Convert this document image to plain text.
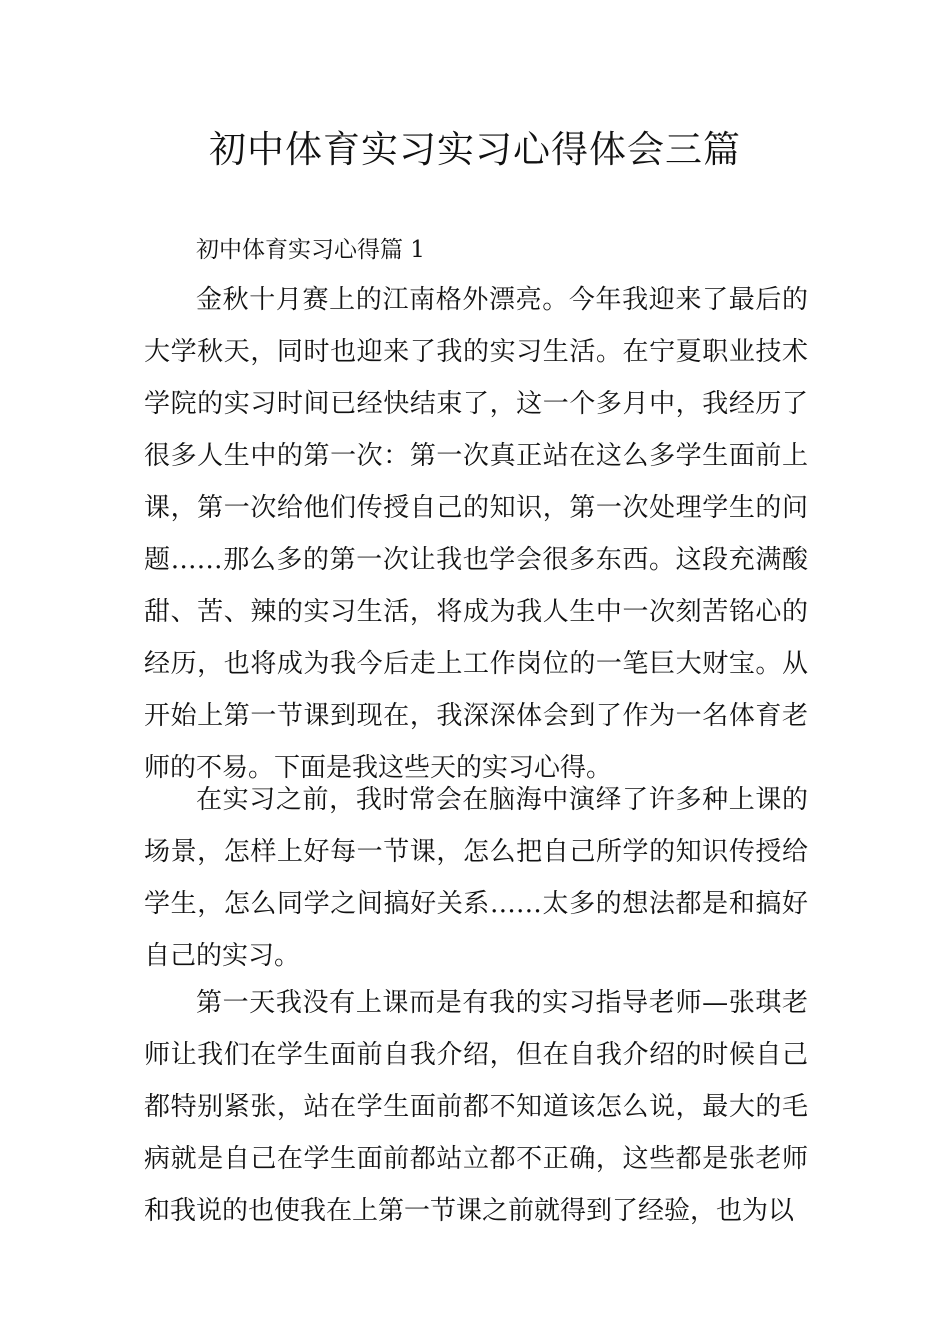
初中体育实习实习心得体会三篇

初中体育实习心得篇 1

金秋十月赛上的江南格外漂亮。今年我迎来了最后的大学秋天，同时也迎来了我的实习生活。在宁夏职业技术学院的实习时间已经快结束了，这一个多月中，我经历了很多人生中的第一次：第一次真正站在这么多学生面前上课，第一次给他们传授自己的知识，第一次处理学生的问题……那么多的第一次让我也学会很多东西。这段充满酸甜、苦、辣的实习生活，将成为我人生中一次刻苦铭心的经历，也将成为我今后走上工作岗位的一笔巨大财宝。从开始上第一节课到现在，我深深体会到了作为一名体育老师的不易。下面是我这些天的实习心得。

在实习之前，我时常会在脑海中演绎了许多种上课的场景，怎样上好每一节课，怎么把自己所学的知识传授给学生，怎么同学之间搞好关系……太多的想法都是和搞好自己的实习。

第一天我没有上课而是有我的实习指导老师—张琪老师让我们在学生面前自我介绍，但在自我介绍的时候自己都特别紧张，站在学生面前都不知道该怎么说，最大的毛病就是自己在学生面前都站立都不正确，这些都是张老师和我说的也使我在上第一节课之前就得到了经验，也为以
